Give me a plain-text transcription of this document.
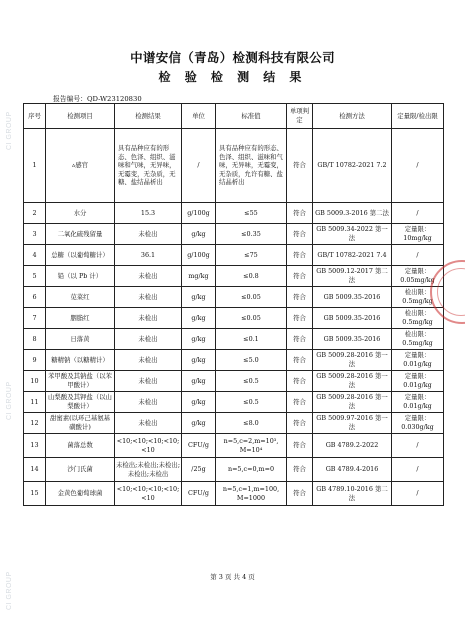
CI GROUP
CI GROUP
CI GROUP
中谱安信（青岛）检测科技有限公司
检 验 检 测 结 果
报告编号：QD-W23120830
序号	检测项目	检测结果	单位	标准值	单项判定	检测方法	定量限/检出限
1	▵感官	具有品种应有的形态、色泽、组织、滋味和气味，无异味，无霉变，无杂质，无糖、盐结晶析出	/	具有品种应有的形态、色泽、组织、滋味和气味，无异味，无霉变，无杂质，允许有糖、盐结晶析出	符合	GB/T 10782-2021 7.2	/
2	水分	15.3	g/100g	≤55	符合	GB 5009.3-2016 第二法	/
3	二氧化硫残留量	未检出	g/kg	≤0.35	符合	GB 5009.34-2022 第一法	定量限：10mg/kg
4	总糖（以葡萄糖计）	36.1	g/100g	≤75	符合	GB/T 10782-2021 7.4	/
5	铅（以 Pb 计）	未检出	mg/kg	≤0.8	符合	GB 5009.12-2017 第二法	定量限：0.05mg/kg
6	苋菜红	未检出	g/kg	≤0.05	符合	GB 5009.35-2016	检出限：0.5mg/kg
7	胭脂红	未检出	g/kg	≤0.05	符合	GB 5009.35-2016	检出限：0.5mg/kg
8	日落黄	未检出	g/kg	≤0.1	符合	GB 5009.35-2016	检出限：0.5mg/kg
9	糖精钠（以糖精计）	未检出	g/kg	≤5.0	符合	GB 5009.28-2016 第一法	定量限：0.01g/kg
10	苯甲酸及其钠盐（以苯甲酸计）	未检出	g/kg	≤0.5	符合	GB 5009.28-2016 第一法	定量限：0.01g/kg
11	山梨酸及其钾盐（以山梨酸计）	未检出	g/kg	≤0.5	符合	GB 5009.28-2016 第一法	定量限：0.01g/kg
12	甜蜜素(以环己基氨基磺酸计)	未检出	g/kg	≤8.0	符合	GB 5009.97-2016 第一法	定量限：0.030g/kg
13	菌落总数	<10;<10;<10;<10;<10	CFU/g	n=5,c=2,m=10³, M=10⁴	符合	GB 4789.2-2022	/
14	沙门氏菌	未检出;未检出;未检出;未检出;未检出	/25g	n=5,c=0,m=0	符合	GB 4789.4-2016	/
15	金黄色葡萄球菌	<10;<10;<10;<10;<10	CFU/g	n=5,c=1,m=100, M=1000	符合	GB 4789.10-2016 第二法	/
第 3 页 共 4 页
